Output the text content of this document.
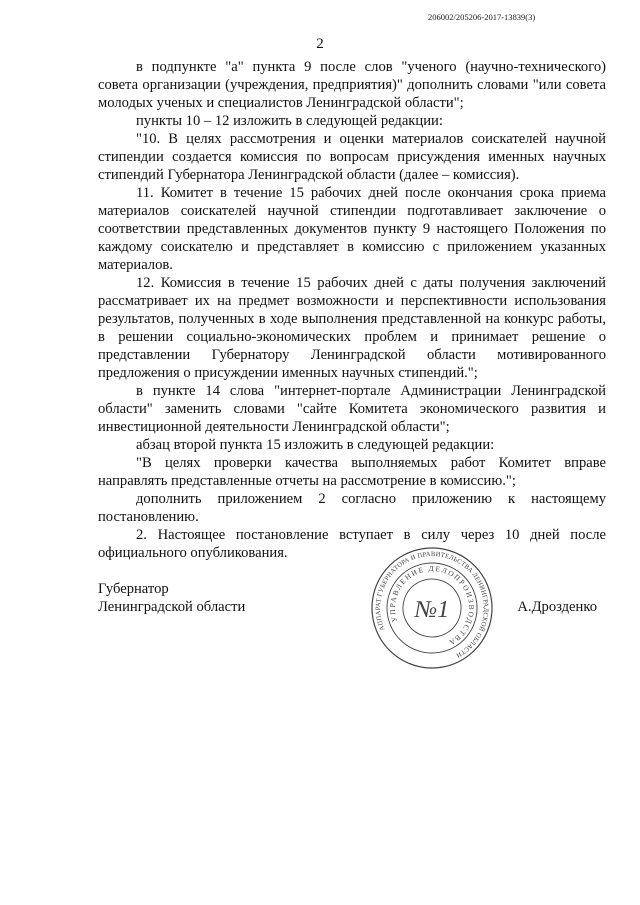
206002/205206-2017-13839(3)
2

в подпункте "а" пункта 9 после слов "ученого (научно-технического) совета организации (учреждения, предприятия)" дополнить словами "или совета молодых ученых и специалистов Ленинградской области";

пункты 10 – 12 изложить в следующей редакции:

"10. В целях рассмотрения и оценки материалов соискателей научной стипендии создается комиссия по вопросам присуждения именных научных стипендий Губернатора Ленинградской области (далее – комиссия).

11. Комитет в течение 15 рабочих дней после окончания срока приема материалов соискателей научной стипендии подготавливает заключение о соответствии представленных документов пункту 9 настоящего Положения по каждому соискателю и представляет в комиссию с приложением указанных материалов.

12. Комиссия в течение 15 рабочих дней с даты получения заключений рассматривает их на предмет возможности и перспективности использования результатов, полученных в ходе выполнения представленной на конкурс работы, в решении социально-экономических проблем и принимает решение о представлении Губернатору Ленинградской области мотивированного предложения о присуждении именных научных стипендий.";

в пункте 14 слова "интернет-портале Администрации Ленинградской области" заменить словами "сайте Комитета экономического развития и инвестиционной деятельности Ленинградской области";

абзац второй пункта 15 изложить в следующей редакции:

"В целях проверки качества выполняемых работ Комитет вправе направлять представленные отчеты на рассмотрение в комиссию.";

дополнить приложением 2 согласно приложению к настоящему постановлению.

2. Настоящее постановление вступает в силу через 10 дней после официального опубликования.

Губернатор
Ленинградской области	А.Дрозденко
АППАРАТ ГУБЕРНАТОРА И ПРАВИТЕЛЬСТВА ЛЕНИНГРАДСКОЙ ОБЛАСТИ
УПРАВЛЕНИЕ ДЕЛОПРОИЗВОДСТВА
№1
